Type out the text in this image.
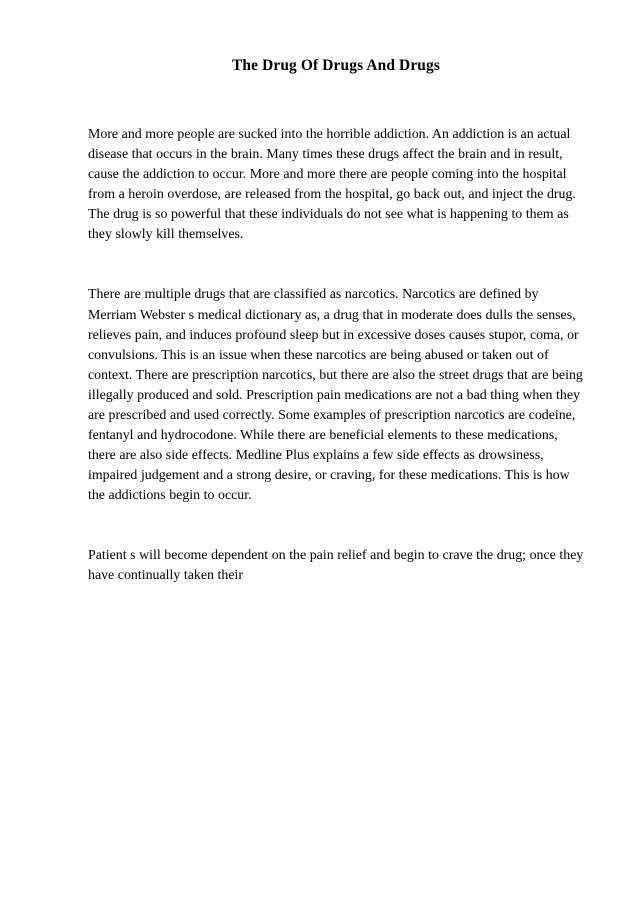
The Drug Of Drugs And Drugs

More and more people are sucked into the horrible addiction. An addiction is an actual disease that occurs in the brain. Many times these drugs affect the brain and in result, cause the addiction to occur. More and more there are people coming into the hospital from a heroin overdose, are released from the hospital, go back out, and inject the drug. The drug is so powerful that these individuals do not see what is happening to them as they slowly kill themselves.

There are multiple drugs that are classified as narcotics. Narcotics are defined by Merriam Webster s medical dictionary as, a drug that in moderate does dulls the senses, relieves pain, and induces profound sleep but in excessive doses causes stupor, coma, or convulsions. This is an issue when these narcotics are being abused or taken out of context. There are prescription narcotics, but there are also the street drugs that are being illegally produced and sold. Prescription pain medications are not a bad thing when they are prescribed and used correctly. Some examples of prescription narcotics are codeine, fentanyl and hydrocodone. While there are beneficial elements to these medications, there are also side effects. Medline Plus explains a few side effects as drowsiness, impaired judgement and a strong desire, or craving, for these medications. This is how the addictions begin to occur.

Patient s will become dependent on the pain relief and begin to crave the drug; once they have continually taken their
